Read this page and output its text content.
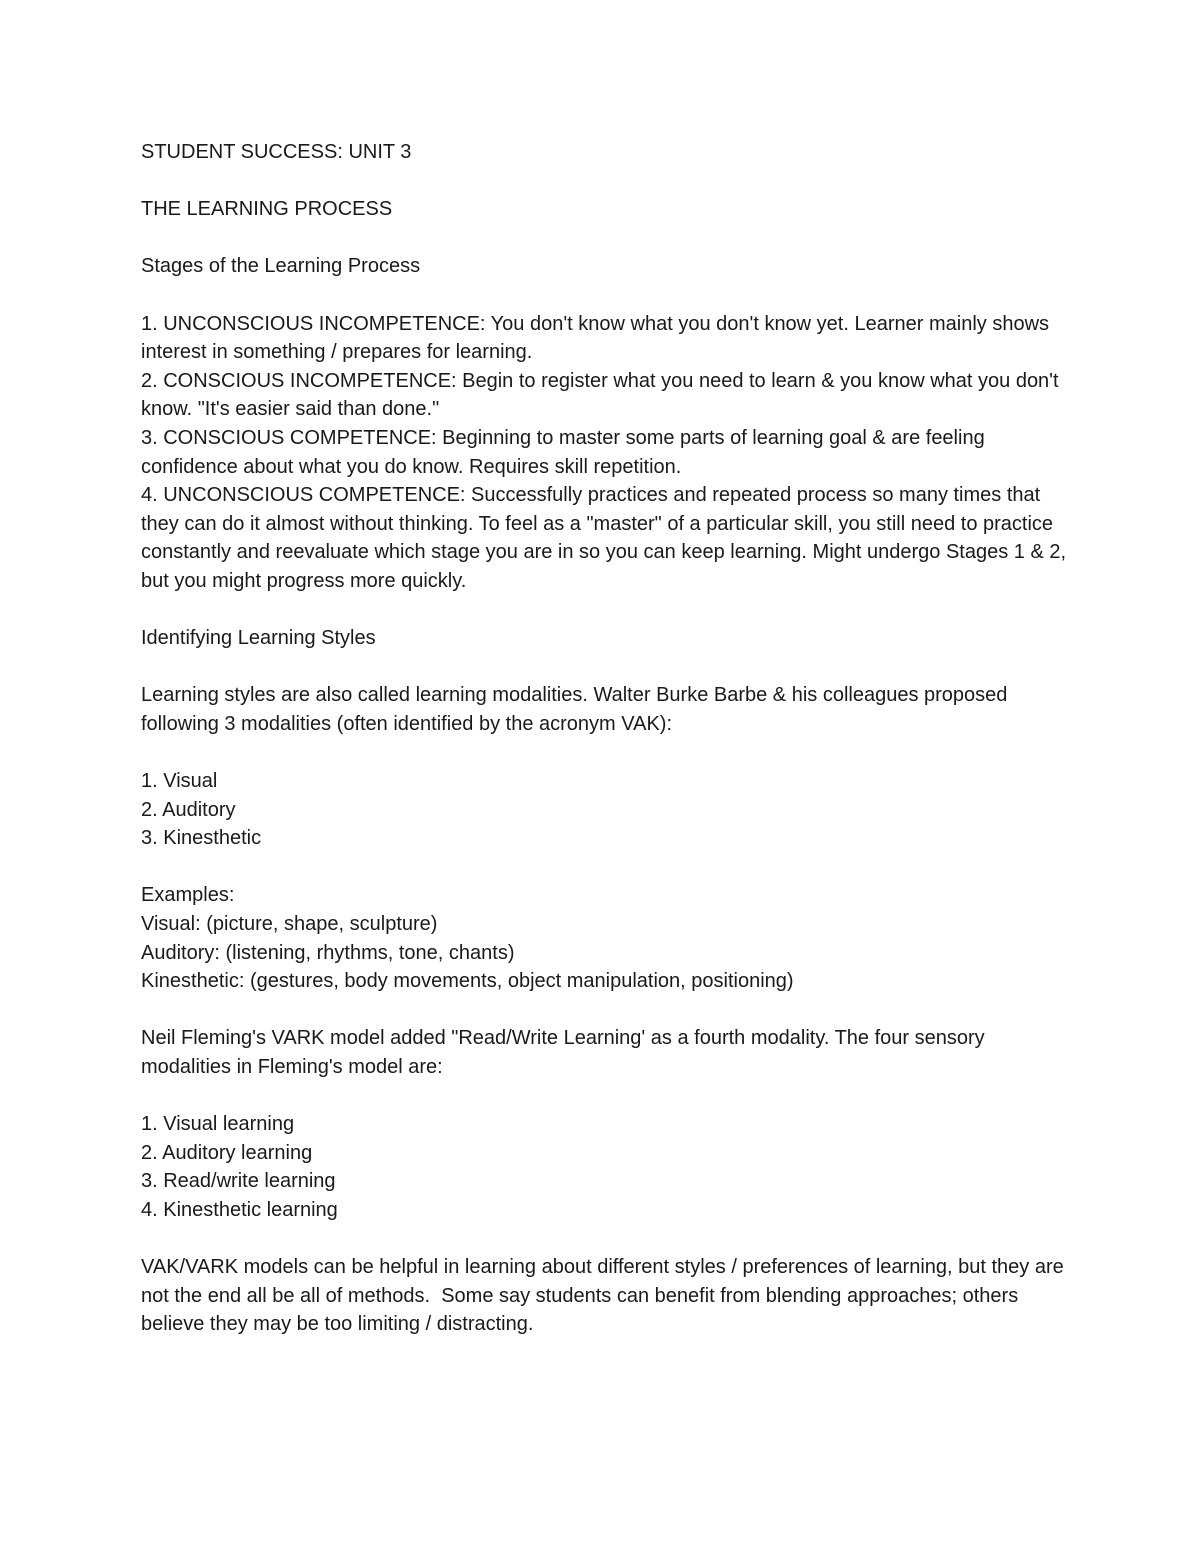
STUDENT SUCCESS: UNIT 3

THE LEARNING PROCESS

Stages of the Learning Process

1. UNCONSCIOUS INCOMPETENCE: You don't know what you don't know yet. Learner mainly shows interest in something / prepares for learning.

2. CONSCIOUS INCOMPETENCE: Begin to register what you need to learn & you know what you don't know. "It's easier said than done."

3. CONSCIOUS COMPETENCE: Beginning to master some parts of learning goal & are feeling confidence about what you do know. Requires skill repetition.

4. UNCONSCIOUS COMPETENCE: Successfully practices and repeated process so many times that they can do it almost without thinking. To feel as a "master" of a particular skill, you still need to practice constantly and reevaluate which stage you are in so you can keep learning. Might undergo Stages 1 & 2, but you might progress more quickly.

Identifying Learning Styles

Learning styles are also called learning modalities. Walter Burke Barbe & his colleagues proposed following 3 modalities (often identified by the acronym VAK):

1. Visual

2. Auditory

3. Kinesthetic

Examples:

Visual: (picture, shape, sculpture)

Auditory: (listening, rhythms, tone, chants)

Kinesthetic: (gestures, body movements, object manipulation, positioning)

Neil Fleming's VARK model added "Read/Write Learning' as a fourth modality. The four sensory modalities in Fleming's model are:

1. Visual learning

2. Auditory learning

3. Read/write learning

4. Kinesthetic learning

VAK/VARK models can be helpful in learning about different styles / preferences of learning, but they are not the end all be all of methods.  Some say students can benefit from blending approaches; others believe they may be too limiting / distracting.
